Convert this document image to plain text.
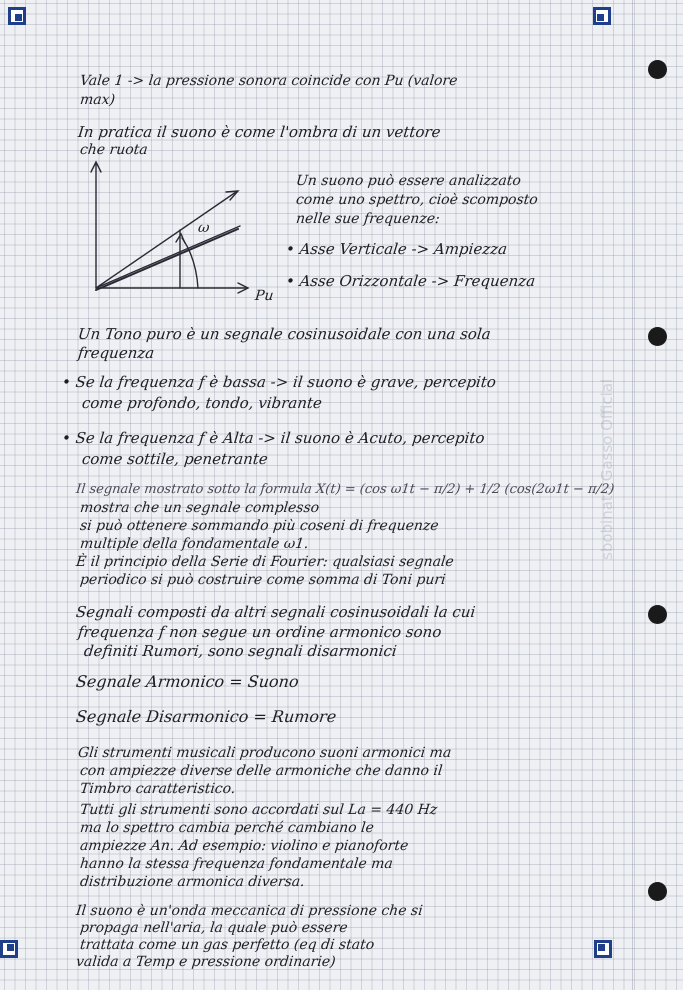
sbobinato Gasso Official
ω
Pu
Vale 1 -> la pressione sonora coincide con Pu (valore
max)
In pratica il suono è come l'ombra di un vettore
che ruota
Un suono può essere analizzato
come uno spettro, cioè scomposto
nelle sue frequenze:
• Asse Verticale -> Ampiezza
• Asse Orizzontale -> Frequenza
Un Tono puro è un segnale cosinusoidale con una sola
frequenza
• Se la frequenza f è bassa -> il suono è grave, percepito
come profondo, tondo, vibrante
• Se la frequenza f è Alta -> il suono è Acuto, percepito
come sottile, penetrante
Il segnale mostrato sotto la formula X(t) = (cos ω1t − π/2) + 1/2 (cos(2ω1t − π/2)
mostra che un segnale complesso
si può ottenere sommando più coseni di frequenze
multiple della fondamentale ω1.
È il principio della Serie di Fourier: qualsiasi segnale
periodico si può costruire come somma di Toni puri
Segnali composti da altri segnali cosinusoidali la cui
frequenza f non segue un ordine armonico sono
definiti Rumori, sono segnali disarmonici
Segnale Armonico = Suono
Segnale Disarmonico = Rumore
Gli strumenti musicali producono suoni armonici ma
con ampiezze diverse delle armoniche che danno il
Timbro caratteristico.
Tutti gli strumenti sono accordati sul La = 440 Hz
ma lo spettro cambia perché cambiano le
ampiezze An. Ad esempio: violino e pianoforte
hanno la stessa frequenza fondamentale ma
distribuzione armonica diversa.
Il suono è un'onda meccanica di pressione che si
propaga nell'aria, la quale può essere
trattata come un gas perfetto (eq di stato
valida a Temp e pressione ordinarie)
